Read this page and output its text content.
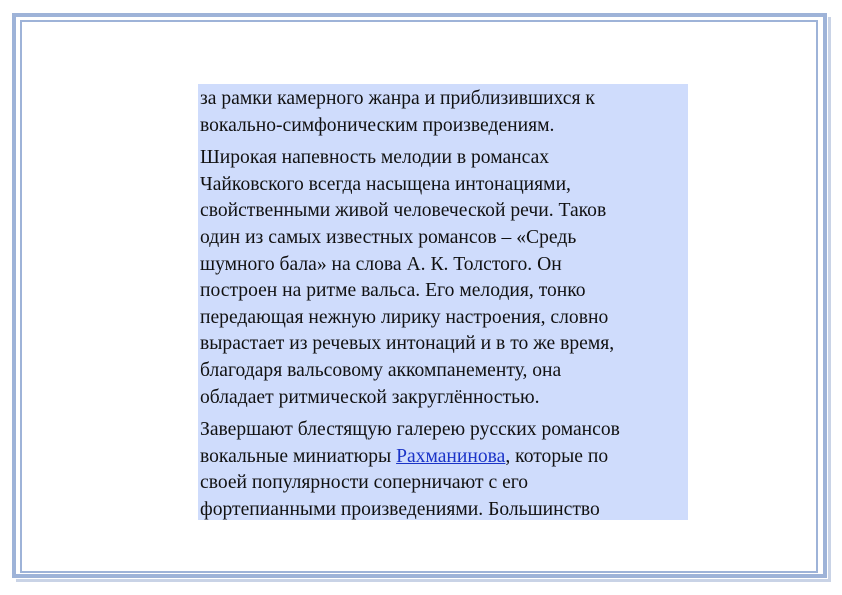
за рамки камерного жанра и приблизившихся к
вокально-симфоническим произведениям.

Широкая напевность мелодии в романсах
Чайковского всегда насыщена интонациями,
свойственными живой человеческой речи. Таков
один из самых известных романсов – «Средь
шумного бала» на слова А. К. Толстого. Он
построен на ритме вальса. Его мелодия, тонко
передающая нежную лирику настроения, словно
вырастает из речевых интонаций и в то же время,
благодаря вальсовому аккомпанементу, она
обладает ритмической закруглённостью.

Завершают блестящую галерею русских романсов
вокальные миниатюры Рахманинова, которые по
своей популярности соперничают с его
фортепианными произведениями. Большинство
